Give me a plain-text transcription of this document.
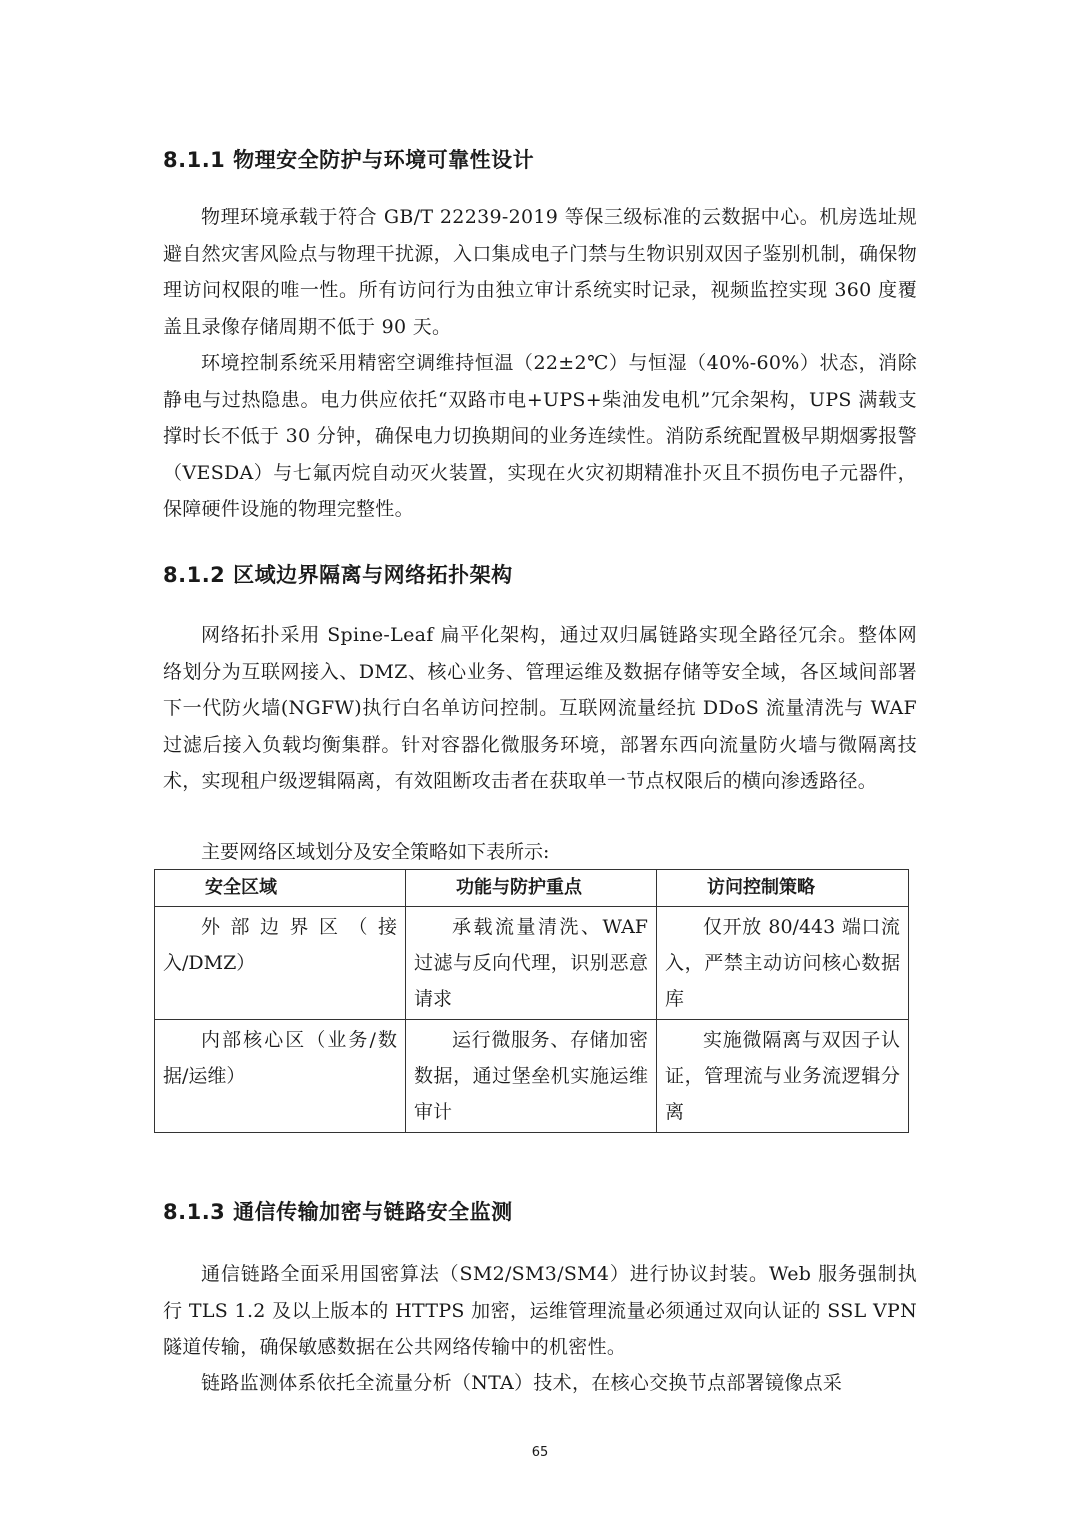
8.1.1 物理安全防护与环境可靠性设计

物理环境承载于符合 GB/T 22239-2019 等保三级标准的云数据中心。机房选址规避自然灾害风险点与物理干扰源，入口集成电子门禁与生物识别双因子鉴别机制，确保物理访问权限的唯一性。所有访问行为由独立审计系统实时记录，视频监控实现 360 度覆盖且录像存储周期不低于 90 天。

环境控制系统采用精密空调维持恒温（22±2℃）与恒湿（40%-60%）状态，消除静电与过热隐患。电力供应依托“双路市电+UPS+柴油发电机”冗余架构，UPS 满载支撑时长不低于 30 分钟，确保电力切换期间的业务连续性。消防系统配置极早期烟雾报警（VESDA）与七氟丙烷自动灭火装置，实现在火灾初期精准扑灭且不损伤电子元器件，保障硬件设施的物理完整性。

8.1.2 区域边界隔离与网络拓扑架构

网络拓扑采用 Spine-Leaf 扁平化架构，通过双归属链路实现全路径冗余。整体网络划分为互联网接入、DMZ、核心业务、管理运维及数据存储等安全域，各区域间部署下一代防火墙(NGFW)执行白名单访问控制。互联网流量经抗 DDoS 流量清洗与 WAF 过滤后接入负载均衡集群。针对容器化微服务环境，部署东西向流量防火墙与微隔离技术，实现租户级逻辑隔离，有效阻断攻击者在获取单一节点权限后的横向渗透路径。

主要网络区域划分及安全策略如下表所示:

安全区域	功能与防护重点	访问控制策略
外部边界区（接入/DMZ）	承载流量清洗、WAF 过滤与反向代理，识别恶意请求	仅开放 80/443 端口流入，严禁主动访问核心数据库
内部核心区（业务/数据/运维）	运行微服务、存储加密数据，通过堡垒机实施运维审计	实施微隔离与双因子认证，管理流与业务流逻辑分离
8.1.3 通信传输加密与链路安全监测

通信链路全面采用国密算法（SM2/SM3/SM4）进行协议封装。Web 服务强制执行 TLS 1.2 及以上版本的 HTTPS 加密，运维管理流量必须通过双向认证的 SSL VPN 隧道传输，确保敏感数据在公共网络传输中的机密性。

链路监测体系依托全流量分析（NTA）技术，在核心交换节点部署镜像点采

65
